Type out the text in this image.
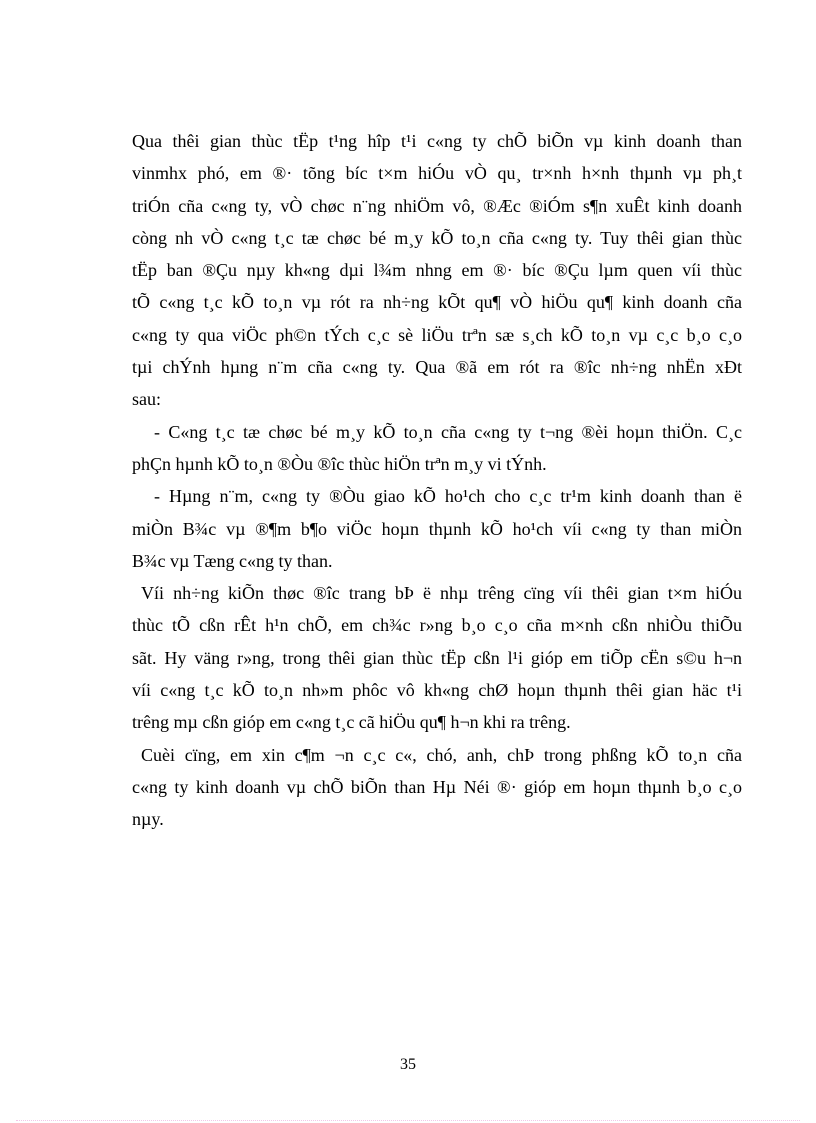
Qua thêi gian thùc tËp t¹ng hîp t¹i c«ng ty chÕ biÕn vµ kinh doanh than
vinmhx phó, em ®· tõng bíc t×m hiÓu vÒ qu¸ tr×nh h×nh thµnh vµ ph¸t
triÓn cña c«ng ty, vÒ chøc n¨ng nhiÖm vô, ®Æc ®iÓm s¶n xuÊt kinh doanh
còng nh vÒ c«ng t¸c tæ chøc bé m¸y kÕ to¸n cña c«ng ty. Tuy thêi gian thùc
tËp ban ®Çu nµy kh«ng dµi l¾m nhng em ®· bíc ®Çu lµm quen víi thùc
tÕ c«ng t¸c kÕ to¸n vµ rót ra nh÷ng kÕt qu¶ vÒ hiÖu qu¶ kinh doanh cña
c«ng ty qua viÖc ph©n tÝch c¸c sè liÖu trªn sæ s¸ch kÕ to¸n vµ c¸c b¸o c¸o
tµi chÝnh hµng n¨m cña c«ng ty. Qua ®ã em rót ra ®îc nh÷ng nhËn xÐt
sau:
- C«ng t¸c tæ chøc bé m¸y kÕ to¸n cña c«ng ty t¬ng ®èi hoµn thiÖn. C¸c
phÇn hµnh kÕ to¸n ®Òu ®îc thùc hiÖn trªn m¸y vi tÝnh.
- Hµng n¨m, c«ng ty ®Òu giao kÕ ho¹ch cho c¸c tr¹m kinh doanh than ë
miÒn B¾c vµ ®¶m b¶o viÖc hoµn thµnh kÕ ho¹ch víi c«ng ty than miÒn
B¾c vµ Tæng c«ng ty than.
Víi nh÷ng kiÕn thøc ®îc trang bÞ ë nhµ trêng cïng víi thêi gian t×m hiÓu
thùc tÕ cßn rÊt h¹n chÕ, em ch¾c r»ng b¸o c¸o cña m×nh cßn nhiÒu thiÕu
sãt. Hy väng r»ng, trong thêi gian thùc tËp cßn l¹i gióp em tiÕp cËn s©u h¬n
víi c«ng t¸c kÕ to¸n nh»m phôc vô kh«ng chØ hoµn thµnh thêi gian häc t¹i
trêng mµ cßn gióp em c«ng t¸c cã hiÖu qu¶ h¬n khi ra trêng.
Cuèi cïng, em xin c¶m ¬n c¸c c«, chó, anh, chÞ trong phßng kÕ to¸n cña
c«ng ty kinh doanh vµ chÕ biÕn than Hµ Néi ®· gióp em hoµn thµnh b¸o c¸o
nµy.
35
